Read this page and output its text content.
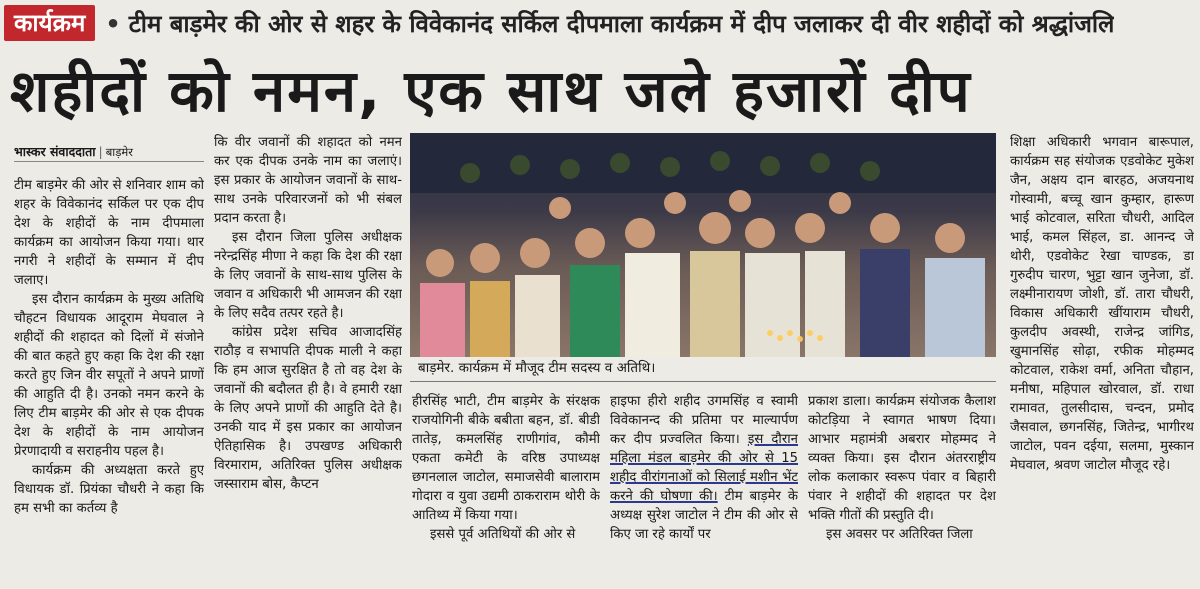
कार्यक्रम
•	टीम बाड़मेर की ओर से शहर के विवेकानंद सर्किल दीपमाला कार्यक्रम में दीप जलाकर दी वीर शहीदों को श्रद्धांजलि
शहीदों को नमन, एक साथ जले हजारों दीप
भास्कर संवाददाता | बाड़मेर

टीम बाड़मेर की ओर से शनिवार शाम को शहर के विवेकानंद सर्किल पर एक दीप देश के शहीदों के नाम दीपमाला कार्यक्रम का आयोजन किया गया। थार नगरी ने शहीदों के सम्मान में दीप जलाए।

इस दौरान कार्यक्रम के मुख्य अतिथि चौहटन विधायक आदूराम मेघवाल ने शहीदों की शहादत को दिलों में संजोने की बात कहते हुए कहा कि देश की रक्षा करते हुए जिन वीर सपूतों ने अपने प्राणों की आहुति दी है। उनको नमन करने के लिए टीम बाड़मेर की ओर से एक दीपक देश के शहीदों के नाम आयोजन प्रेरणादायी व सराहनीय पहल है।

कार्यक्रम की अध्यक्षता करते हुए विधायक डॉ. प्रियंका चौधरी ने कहा कि हम सभी का कर्तव्य है

कि वीर जवानों की शहादत को नमन कर एक दीपक उनके नाम का जलाएं। इस प्रकार के आयोजन जवानों के साथ-साथ उनके परिवारजनों को भी संबल प्रदान करता है।

इस दौरान जिला पुलिस अधीक्षक नरेन्द्रसिंह मीणा ने कहा कि देश की रक्षा के लिए जवानों के साथ-साथ पुलिस के जवान व अधिकारी भी आमजन की रक्षा के लिए सदैव तत्पर रहते है।

कांग्रेस प्रदेश सचिव आजादसिंह राठौड़ व सभापति दीपक माली ने कहा कि हम आज सुरक्षित है तो वह देश के जवानों की बदौलत ही है। वे हमारी रक्षा के लिए अपने प्राणों की आहुति देते है। उनकी याद में इस प्रकार का आयोजन ऐतिहासिक है। उपखण्ड अधिकारी विरमाराम, अतिरिक्त पुलिस अधीक्षक जस्साराम बोस, कैप्टन

बाड़मेर. कार्यक्रम में मौजूद टीम सदस्य व अतिथि।

हीरसिंह भाटी, टीम बाड़मेर के संरक्षक राजयोगिनी बीके बबीता बहन, डॉ. बीडी तातेड़, कमलसिंह राणीगांव, कौमी एकता कमेटी के वरिष्ठ उपाध्यक्ष छगनलाल जाटोल, समाजसेवी बालाराम गोदारा व युवा उद्यमी ठाकराराम थोरी के आतिथ्य में किया गया।

इससे पूर्व अतिथियों की ओर से

हाइफा हीरो शहीद उगमसिंह व स्वामी विवेकानन्द की प्रतिमा पर माल्यार्पण कर दीप प्रज्वलित किया। इस दौरान महिला मंडल बाड़मेर की ओर से 15 शहीद वीरांगनाओं को सिलाई मशीन भेंट करने की घोषणा की। टीम बाड़मेर के अध्यक्ष सुरेश जाटोल ने टीम की ओर से किए जा रहे कार्यों पर

प्रकाश डाला। कार्यक्रम संयोजक कैलाश कोटड़िया ने स्वागत भाषण दिया। आभार महामंत्री अबरार मोहम्मद ने व्यक्त किया। इस दौरान अंतरराष्ट्रीय लोक कलाकार स्वरूप पंवार व बिहारी पंवार ने शहीदों की शहादत पर देश भक्ति गीतों की प्रस्तुति दी।

इस अवसर पर अतिरिक्त जिला

शिक्षा अधिकारी भगवान बारूपाल, कार्यक्रम सह संयोजक एडवोकेट मुकेश जैन, अक्षय दान बारहठ, अजयनाथ गोस्वामी, बच्चू खान कुम्हार, हारूण भाई कोटवाल, सरिता चौधरी, आदिल भाई, कमल सिंहल, डा. आनन्द जे थोरी, एडवोकेट रेखा चाण्डक, डा गुरुदीप चारण, भुट्टा खान जुनेजा, डॉ. लक्ष्मीनारायण जोशी, डॉ. तारा चौधरी, विकास अधिकारी खींयाराम चौधरी, कुलदीप अवस्थी, राजेन्द्र जांगिड, खुमानसिंह सोढ़ा, रफीक मोहम्मद कोटवाल, राकेश वर्मा, अनिता चौहान, मनीषा, महिपाल खोरवाल, डॉ. राधा रामावत, तुलसीदास, चन्दन, प्रमोद जैसवाल, छगनसिंह, जितेन्द्र, भागीरथ जाटोल, पवन दईया, सलमा, मुस्कान मेघवाल, श्रवण जाटोल मौजूद रहे।
